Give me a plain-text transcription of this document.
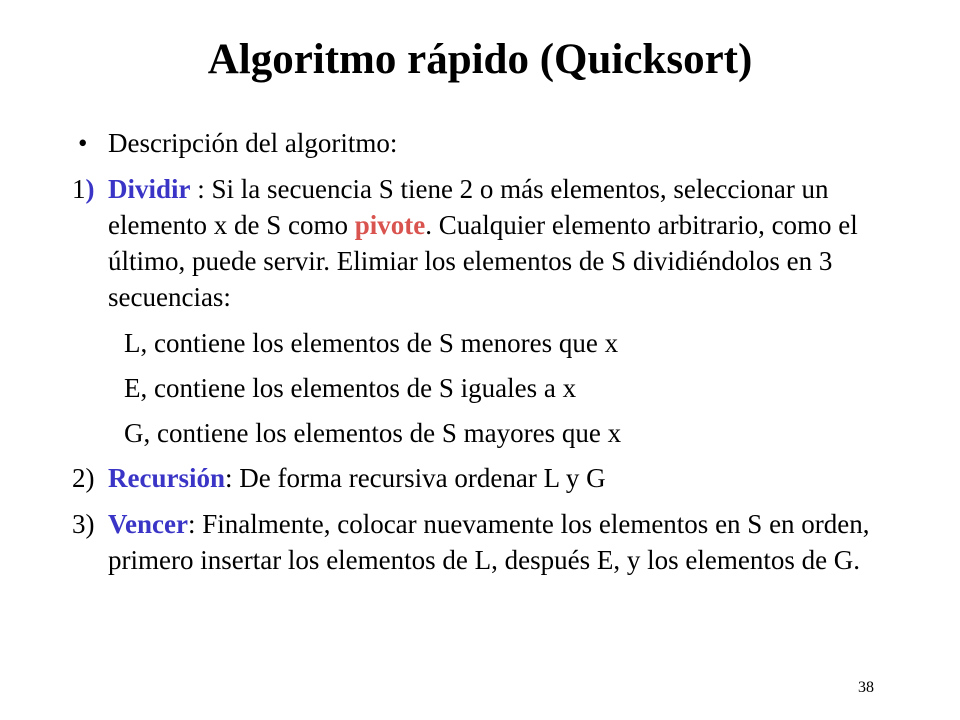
Algoritmo rápido (Quicksort)

• Descripción del algoritmo:

1) Dividir : Si la secuencia S tiene 2 o más elementos, seleccionar un elemento x de S como pivote. Cualquier elemento arbitrario, como el último, puede servir. Elimiar los elementos de S dividiéndolos en 3 secuencias:

L, contiene los elementos de S menores que x

E, contiene los elementos de S iguales a x

G, contiene los elementos de S mayores que x

2) Recursión: De forma recursiva ordenar L y G

3) Vencer: Finalmente, colocar nuevamente los elementos en S en orden, primero insertar los elementos de L, después E, y los elementos de G.

38
